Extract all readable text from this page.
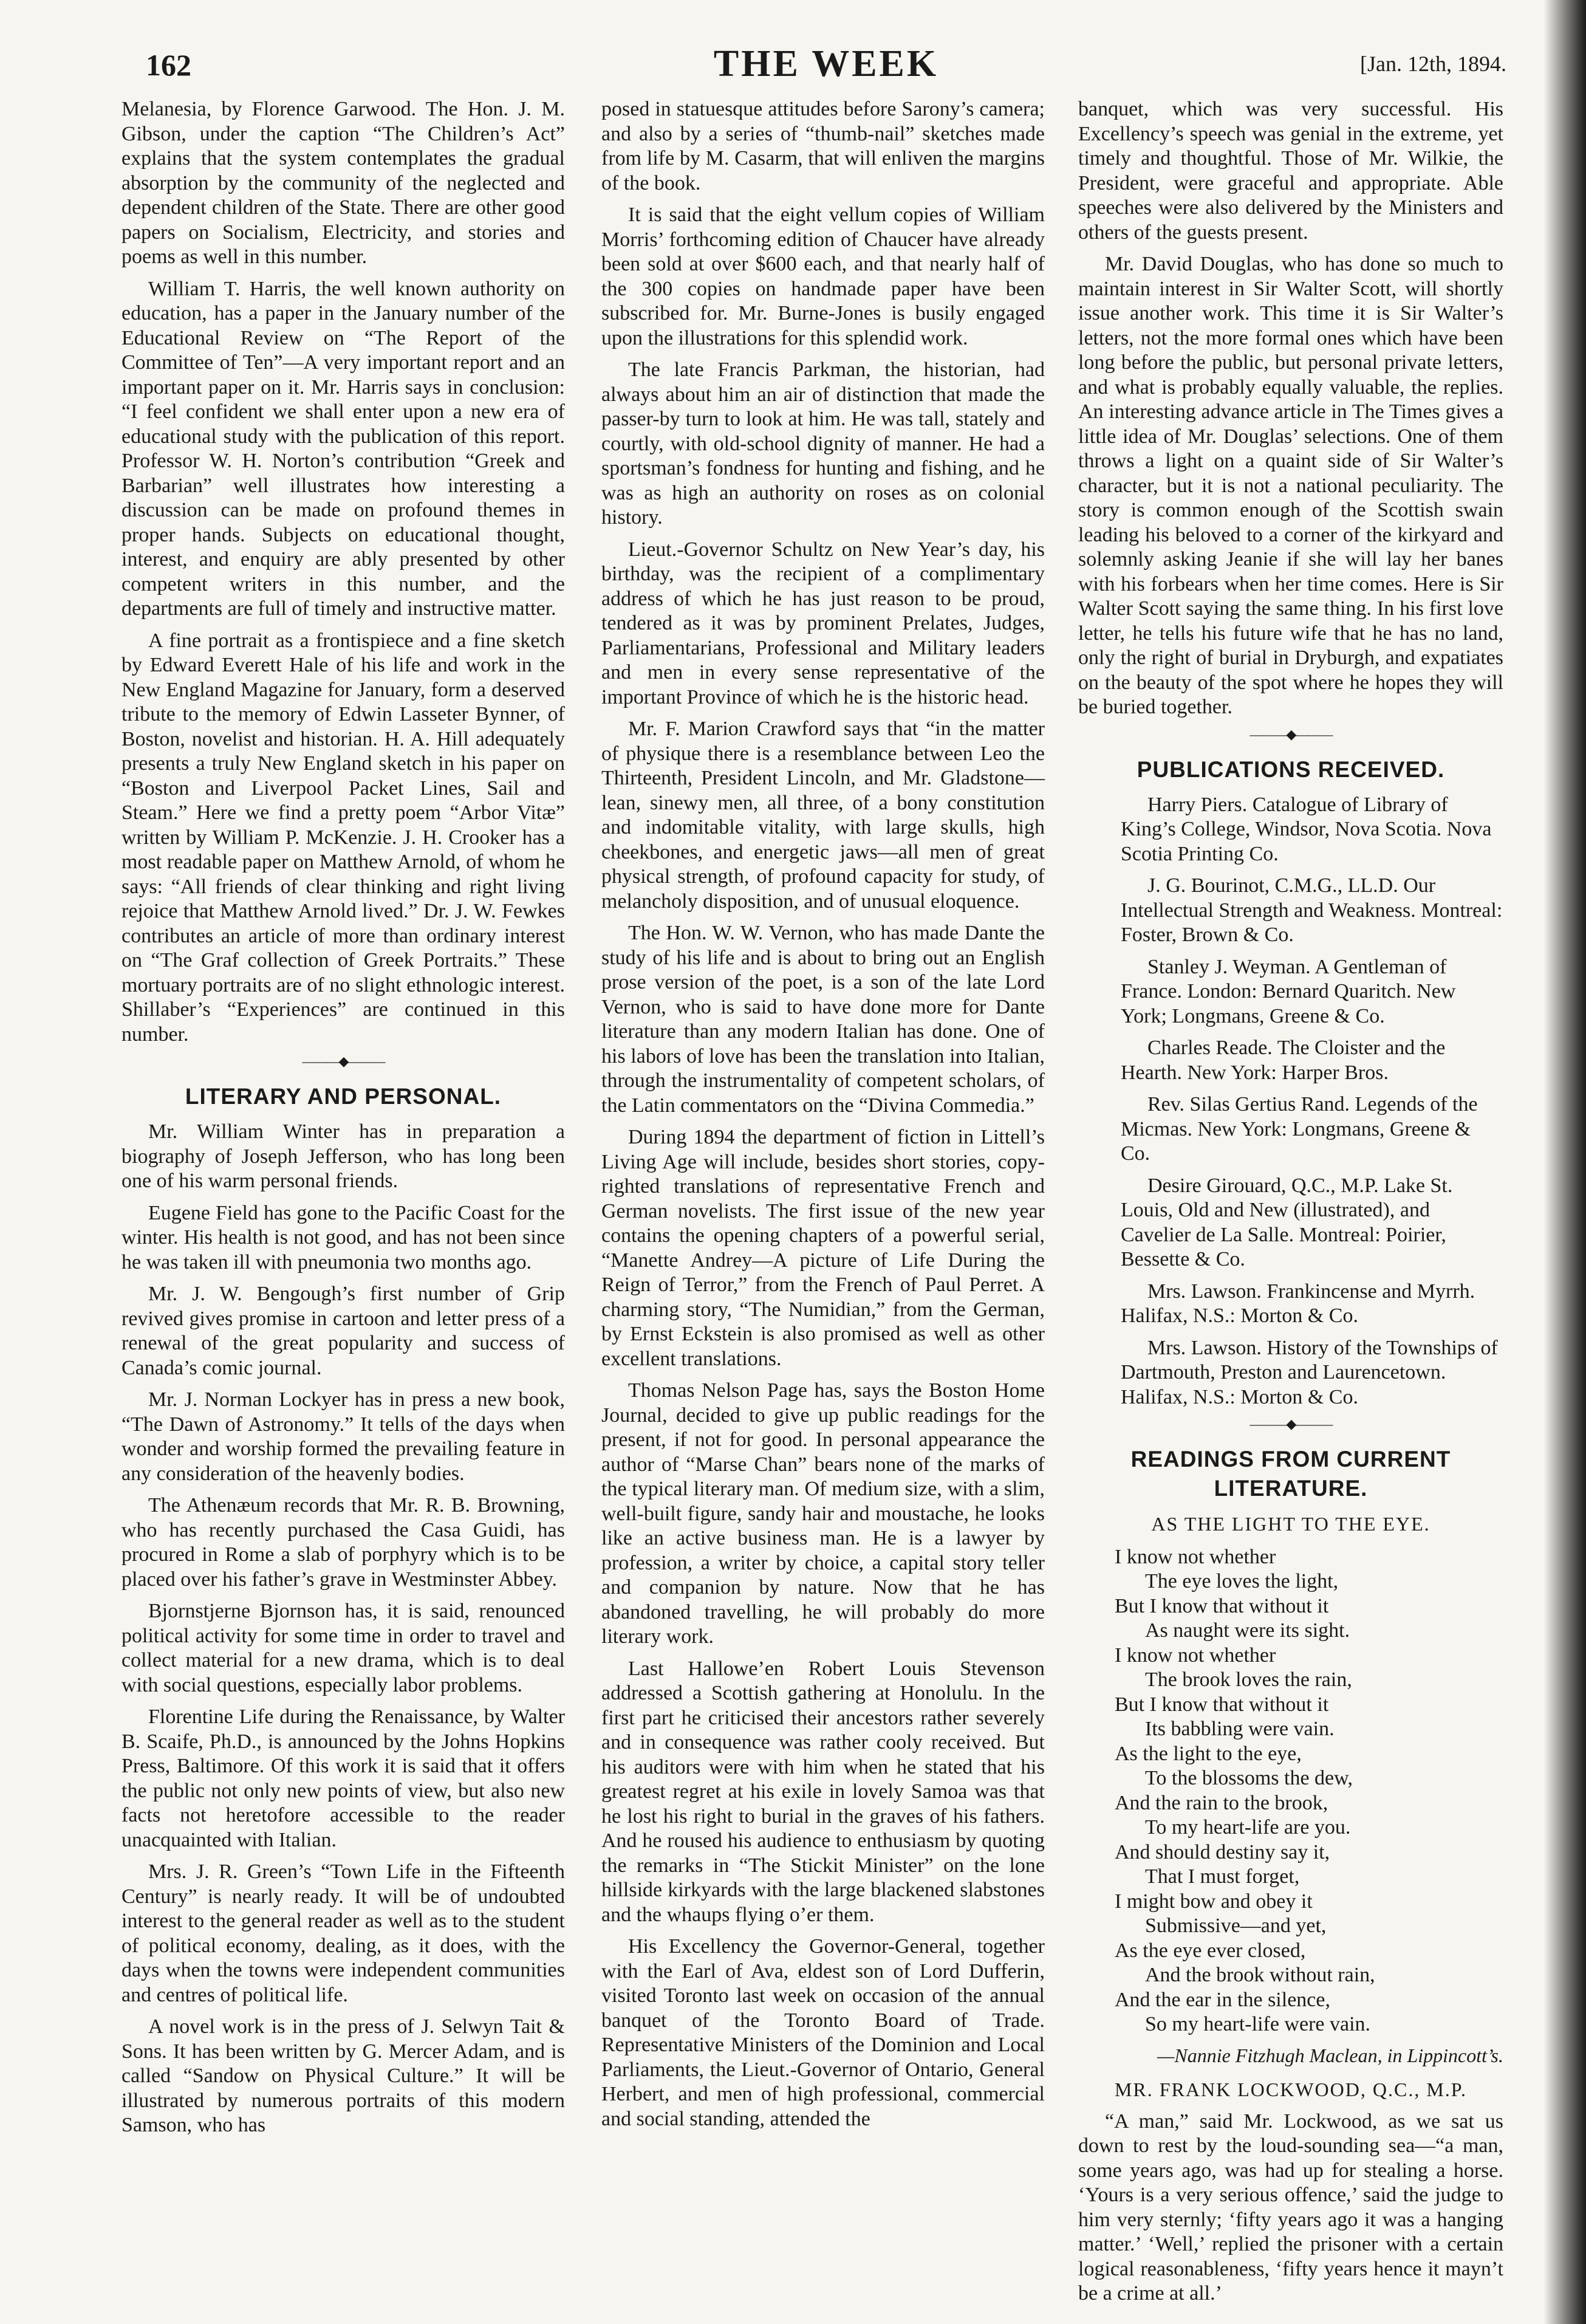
162	THE WEEK	[Jan. 12th, 1894.

Melanesia, by Florence Garwood. The Hon. J. M. Gibson, under the caption “The Children’s Act” explains that the system contemplates the gradual absorption by the community of the neglected and dependent children of the State. There are other good papers on Socialism, Electricity, and stories and poems as well in this number.

William T. Harris, the well known authority on education, has a paper in the January number of the Educational Review on “The Report of the Committee of Ten”—A very important report and an important paper on it. Mr. Harris says in conclusion: “I feel confident we shall enter upon a new era of educational study with the publication of this report. Professor W. H. Norton’s contribution “Greek and Barbarian” well illustrates how interesting a discussion can be made on profound themes in proper hands. Subjects on educational thought, interest, and enquiry are ably presented by other competent writers in this number, and the departments are full of timely and instructive matter.

A fine portrait as a frontispiece and a fine sketch by Edward Everett Hale of his life and work in the New England Magazine for January, form a deserved tribute to the memory of Edwin Lasseter Bynner, of Boston, novelist and historian. H. A. Hill adequately presents a truly New England sketch in his paper on “Boston and Liverpool Packet Lines, Sail and Steam.” Here we find a pretty poem “Arbor Vitæ” written by William P. McKenzie. J. H. Crooker has a most readable paper on Matthew Arnold, of whom he says: “All friends of clear thinking and right living rejoice that Matthew Arnold lived.” Dr. J. W. Fewkes contributes an article of more than ordinary interest on “The Graf collection of Greek Portraits.” These mortuary portraits are of no slight ethnologic interest. Shillaber’s “Experiences” are continued in this number.

———◆———
LITERARY AND PERSONAL.

Mr. William Winter has in preparation a biography of Joseph Jefferson, who has long been one of his warm personal friends.

Eugene Field has gone to the Pacific Coast for the winter. His health is not good, and has not been since he was taken ill with pneumonia two months ago.

Mr. J. W. Bengough’s first number of Grip revived gives promise in cartoon and letter press of a renewal of the great popularity and success of Canada’s comic journal.

Mr. J. Norman Lockyer has in press a new book, “The Dawn of Astronomy.” It tells of the days when wonder and worship formed the prevailing feature in any consideration of the heavenly bodies.

The Athenæum records that Mr. R. B. Browning, who has recently purchased the Casa Guidi, has procured in Rome a slab of porphyry which is to be placed over his father’s grave in Westminster Abbey.

Bjornstjerne Bjornson has, it is said, renounced political activity for some time in order to travel and collect material for a new drama, which is to deal with social questions, especially labor problems.

Florentine Life during the Renaissance, by Walter B. Scaife, Ph.D., is announced by the Johns Hopkins Press, Baltimore. Of this work it is said that it offers the public not only new points of view, but also new facts not heretofore accessible to the reader unacquainted with Italian.

Mrs. J. R. Green’s “Town Life in the Fifteenth Century” is nearly ready. It will be of undoubted interest to the general reader as well as to the student of political economy, dealing, as it does, with the days when the towns were independent communities and centres of political life.

A novel work is in the press of J. Selwyn Tait & Sons. It has been written by G. Mercer Adam, and is called “Sandow on Physical Culture.” It will be illustrated by numerous portraits of this modern Samson, who has

posed in statuesque attitudes before Sarony’s camera; and also by a series of “thumb-nail” sketches made from life by M. Casarm, that will enliven the margins of the book.

It is said that the eight vellum copies of William Morris’ forthcoming edition of Chaucer have already been sold at over $600 each, and that nearly half of the 300 copies on handmade paper have been subscribed for. Mr. Burne-Jones is busily engaged upon the illustrations for this splendid work.

The late Francis Parkman, the historian, had always about him an air of distinction that made the passer-by turn to look at him. He was tall, stately and courtly, with old-school dignity of manner. He had a sportsman’s fondness for hunting and fishing, and he was as high an authority on roses as on colonial history.

Lieut.-Governor Schultz on New Year’s day, his birthday, was the recipient of a complimentary address of which he has just reason to be proud, tendered as it was by prominent Prelates, Judges, Parliamentarians, Professional and Military leaders and men in every sense representative of the important Province of which he is the historic head.

Mr. F. Marion Crawford says that “in the matter of physique there is a resemblance between Leo the Thirteenth, President Lincoln, and Mr. Gladstone—lean, sinewy men, all three, of a bony constitution and indomitable vitality, with large skulls, high cheekbones, and energetic jaws—all men of great physical strength, of profound capacity for study, of melancholy disposition, and of unusual eloquence.

The Hon. W. W. Vernon, who has made Dante the study of his life and is about to bring out an English prose version of the poet, is a son of the late Lord Vernon, who is said to have done more for Dante literature than any modern Italian has done. One of his labors of love has been the translation into Italian, through the instrumentality of competent scholars, of the Latin commentators on the “Divina Commedia.”

During 1894 the department of fiction in Littell’s Living Age will include, besides short stories, copy-righted translations of representative French and German novelists. The first issue of the new year contains the opening chapters of a powerful serial, “Manette Andrey—A picture of Life During the Reign of Terror,” from the French of Paul Perret. A charming story, “The Numidian,” from the German, by Ernst Eckstein is also promised as well as other excellent translations.

Thomas Nelson Page has, says the Boston Home Journal, decided to give up public readings for the present, if not for good. In personal appearance the author of “Marse Chan” bears none of the marks of the typical literary man. Of medium size, with a slim, well-built figure, sandy hair and moustache, he looks like an active business man. He is a lawyer by profession, a writer by choice, a capital story teller and companion by nature. Now that he has abandoned travelling, he will probably do more literary work.

Last Hallowe’en Robert Louis Stevenson addressed a Scottish gathering at Honolulu. In the first part he criticised their ancestors rather severely and in consequence was rather cooly received. But his auditors were with him when he stated that his greatest regret at his exile in lovely Samoa was that he lost his right to burial in the graves of his fathers. And he roused his audience to enthusiasm by quoting the remarks in “The Stickit Minister” on the lone hillside kirkyards with the large blackened slabstones and the whaups flying o’er them.

His Excellency the Governor-General, together with the Earl of Ava, eldest son of Lord Dufferin, visited Toronto last week on occasion of the annual banquet of the Toronto Board of Trade. Representative Ministers of the Dominion and Local Parliaments, the Lieut.-Governor of Ontario, General Herbert, and men of high professional, commercial and social standing, attended the

banquet, which was very successful. His Excellency’s speech was genial in the extreme, yet timely and thoughtful. Those of Mr. Wilkie, the President, were graceful and appropriate. Able speeches were also delivered by the Ministers and others of the guests present.

Mr. David Douglas, who has done so much to maintain interest in Sir Walter Scott, will shortly issue another work. This time it is Sir Walter’s letters, not the more formal ones which have been long before the public, but personal private letters, and what is probably equally valuable, the replies. An interesting advance article in The Times gives a little idea of Mr. Douglas’ selections. One of them throws a light on a quaint side of Sir Walter’s character, but it is not a national peculiarity. The story is common enough of the Scottish swain leading his beloved to a corner of the kirkyard and solemnly asking Jeanie if she will lay her banes with his forbears when her time comes. Here is Sir Walter Scott saying the same thing. In his first love letter, he tells his future wife that he has no land, only the right of burial in Dryburgh, and expatiates on the beauty of the spot where he hopes they will be buried together.

———◆———
PUBLICATIONS RECEIVED.

Harry Piers. Catalogue of Library of King’s College, Windsor, Nova Scotia. Nova Scotia Printing Co.

J. G. Bourinot, C.M.G., LL.D. Our Intellectual Strength and Weakness. Montreal: Foster, Brown & Co.

Stanley J. Weyman. A Gentleman of France. London: Bernard Quaritch. New York; Longmans, Greene & Co.

Charles Reade. The Cloister and the Hearth. New York: Harper Bros.

Rev. Silas Gertius Rand. Legends of the Micmas. New York: Longmans, Greene & Co.

Desire Girouard, Q.C., M.P. Lake St. Louis, Old and New (illustrated), and Cavelier de La Salle. Montreal: Poirier, Bessette & Co.

Mrs. Lawson. Frankincense and Myrrh. Halifax, N.S.: Morton & Co.

Mrs. Lawson. History of the Townships of Dartmouth, Preston and Laurencetown. Halifax, N.S.: Morton & Co.

———◆———
READINGS FROM CURRENT
LITERATURE.
AS THE LIGHT TO THE EYE.
I know not whether
The eye loves the light,
But I know that without it
As naught were its sight.
I know not whether
The brook loves the rain,
But I know that without it
Its babbling were vain.
As the light to the eye,
To the blossoms the dew,
And the rain to the brook,
To my heart-life are you.
And should destiny say it,
That I must forget,
I might bow and obey it
Submissive—and yet,
As the eye ever closed,
And the brook without rain,
And the ear in the silence,
So my heart-life were vain.
—Nannie Fitzhugh Maclean, in Lippincott’s.
MR. FRANK LOCKWOOD, Q.C., M.P.

“A man,” said Mr. Lockwood, as we sat us down to rest by the loud-sounding sea—“a man, some years ago, was had up for stealing a horse. ‘Yours is a very serious offence,’ said the judge to him very sternly; ‘fifty years ago it was a hanging matter.’ ‘Well,’ replied the prisoner with a certain logical reasonableness, ‘fifty years hence it mayn’t be a crime at all.’
